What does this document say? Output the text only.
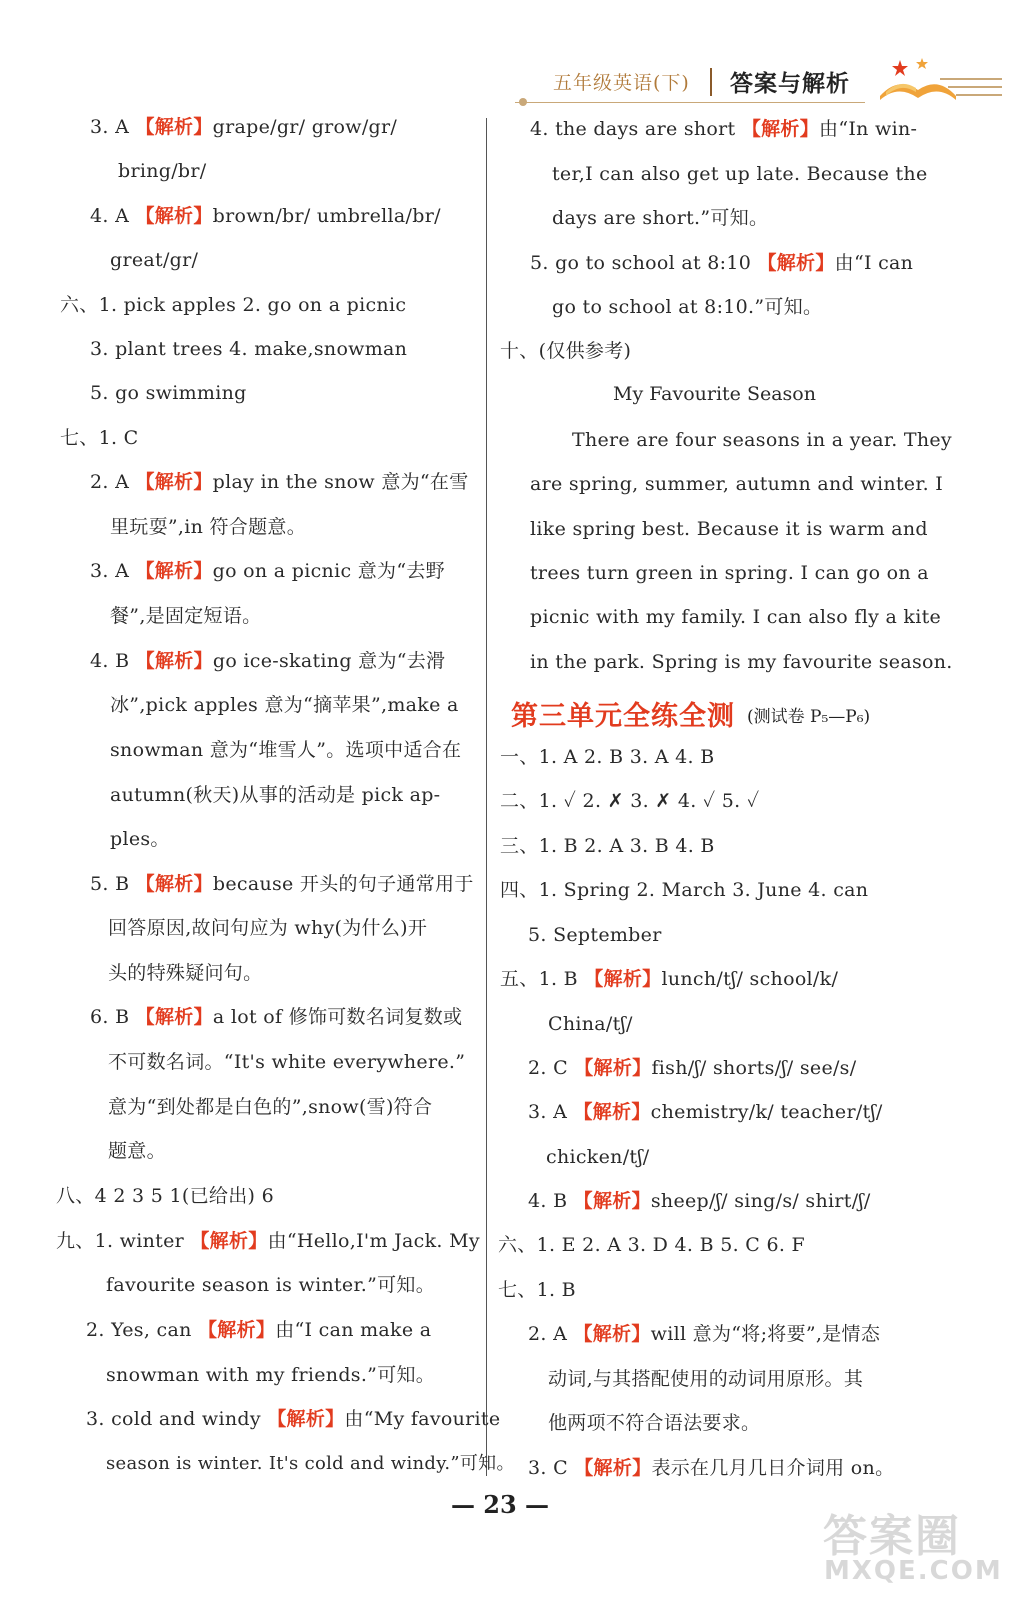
五年级英语(下) 答案与解析
3. A 【解析】grape/gr/ grow/gr/
bring/br/
4. A 【解析】brown/br/ umbrella/br/
great/gr/
六、1. pick apples 2. go on a picnic
3. plant trees 4. make,snowman
5. go swimming
七、1. C
2. A 【解析】play in the snow 意为“在雪
里玩耍”,in 符合题意。
3. A 【解析】go on a picnic 意为“去野
餐”,是固定短语。
4. B 【解析】go ice-skating 意为“去滑
冰”,pick apples 意为“摘苹果”,make a
snowman 意为“堆雪人”。选项中适合在
autumn(秋天)从事的活动是 pick ap-
ples。
5. B 【解析】because 开头的句子通常用于
回答原因,故问句应为 why(为什么)开
头的特殊疑问句。
6. B 【解析】a lot of 修饰可数名词复数或
不可数名词。“It's white everywhere.”
意为“到处都是白色的”,snow(雪)符合
题意。
八、4 2 3 5 1(已给出) 6
九、1. winter 【解析】由“Hello,I'm Jack. My
favourite season is winter.”可知。
2. Yes, can 【解析】由“I can make a
snowman with my friends.”可知。
3. cold and windy 【解析】由“My favourite
season is winter. It's cold and windy.”可知。
4. the days are short 【解析】由“In win-
ter,I can also get up late. Because the
days are short.”可知。
5. go to school at 8:10 【解析】由“I can
go to school at 8:10.”可知。
十、(仅供参考)
My Favourite Season
There are four seasons in a year. They
are spring, summer, autumn and winter. I
like spring best. Because it is warm and
trees turn green in spring. I can go on a
picnic with my family. I can also fly a kite
in the park. Spring is my favourite season.
第三单元全练全测 (测试卷 P₅—P₆)
一、1. A 2. B 3. A 4. B
二、1. ✓ 2. ✗ 3. ✗ 4. ✓ 5. ✓
三、1. B 2. A 3. B 4. B
四、1. Spring 2. March 3. June 4. can
5. September
五、1. B 【解析】lunch/tʃ/ school/k/
China/tʃ/
2. C 【解析】fish/ʃ/ shorts/ʃ/ see/s/
3. A 【解析】chemistry/k/ teacher/tʃ/
chicken/tʃ/
4. B 【解析】sheep/ʃ/ sing/s/ shirt/ʃ/
六、1. E 2. A 3. D 4. B 5. C 6. F
七、1. B
2. A 【解析】will 意为“将;将要”,是情态
动词,与其搭配使用的动词用原形。其
他两项不符合语法要求。
3. C 【解析】表示在几月几日介词用 on。
— 23 —
答案圈
MXQE.COM
